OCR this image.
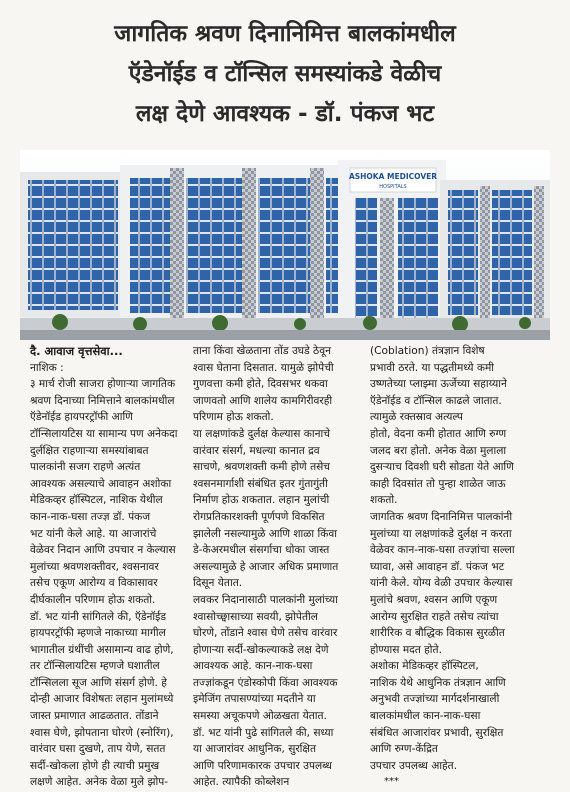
जागतिक श्रवण दिनानिमित्त बालकांमधील
ऍडेनॉईड व टॉन्सिल समस्यांकडे वेळीच
लक्ष देणे आवश्यक - डॉ. पंकज भट
ASHOKA MEDICOVER
HOSPITALS

दै. आवाज वृत्तसेवा...

नाशिक :

३ मार्च रोजी साजरा होणाऱ्या जागतिक

श्रवण दिनाच्या निमित्ताने बालकांमधील

ऍडेनॉईड हायपरट्रॉफी आणि

टॉन्सिलायटिस या सामान्य पण अनेकदा

दुर्लक्षित राहणाऱ्या समस्यांबाबत

पालकांनी सजग राहणे अत्यंत

आवश्यक असल्याचे आवाहन अशोका

मेडिकव्हर हॉस्पिटल, नाशिक येथील

कान-नाक-घसा तज्ज्ञ डॉ. पंकज

भट यांनी केले आहे. या आजारांचे

वेळेवर निदान आणि उपचार न केल्यास

मुलांच्या श्रवणशक्तीवर, श्वसनावर

तसेच एकूण आरोग्य व विकासावर

दीर्घकालीन परिणाम होऊ शकतो.

डॉ. भट यांनी सांगितले की, ऍडेनॉईड

हायपरट्रॉफी म्हणजे नाकाच्या मागील

भागातील ग्रंथींची असामान्य वाढ होणे,

तर टॉन्सिलायटिस म्हणजे घशातील

टॉन्सिलला सूज आणि संसर्ग होणे. हे

दोन्ही आजार विशेषतः लहान मुलांमध्ये

जास्त प्रमाणात आढळतात. तोंडाने

श्वास घेणे, झोपताना घोरणे (स्नोरिंग),

वारंवार घसा दुखणे, ताप येणे, सतत

सर्दी-खोकला होणे ही त्याची प्रमुख

लक्षणे आहेत. अनेक वेळा मुले झोप-

ताना किंवा खेळताना तोंड उघडे ठेवून

श्वास घेताना दिसतात. यामुळे झोपेची

गुणवत्ता कमी होते, दिवसभर थकवा

जाणवतो आणि शालेय कामगिरीवरही

परिणाम होऊ शकतो.

या लक्षणांकडे दुर्लक्ष केल्यास कानाचे

वारंवार संसर्ग, मधल्या कानात द्रव

साचणे, श्रवणशक्ती कमी होणे तसेच

श्वसनमार्गाशी संबंधित इतर गुंतागुंती

निर्माण होऊ शकतात. लहान मुलांची

रोगप्रतिकारशक्ती पूर्णपणे विकसित

झालेली नसल्यामुळे आणि शाळा किंवा

डे-केअरमधील संसर्गाचा धोका जास्त

असल्यामुळे हे आजार अधिक प्रमाणात

दिसून येतात.

लवकर निदानासाठी पालकांनी मुलांच्या

श्वासोच्छ्वासाच्या सवयी, झोपेतील

घोरणे, तोंडाने श्वास घेणे तसेच वारंवार

होणाऱ्या सर्दी-खोकल्याकडे लक्ष देणे

आवश्यक आहे. कान-नाक-घसा

तज्ज्ञांकडून एंडोस्कोपी किंवा आवश्यक

इमेजिंग तपासण्यांच्या मदतीने या

समस्या अचूकपणे ओळखता येतात.

डॉ. भट यांनी पुढे सांगितले की, सध्या

या आजारांवर आधुनिक, सुरक्षित

आणि परिणामकारक उपचार उपलब्ध

आहेत. त्यापैकी कोब्लेशन

(Coblation) तंत्रज्ञान विशेष

प्रभावी ठरते. या पद्धतीमध्ये कमी

उष्णतेच्या प्लाझ्मा ऊर्जेच्या सहाय्याने

ऍडेनॉईड व टॉन्सिल काढले जातात.

त्यामुळे रक्तस्राव अत्यल्प

होतो, वेदना कमी होतात आणि रुग्ण

जलद बरा होतो. अनेक वेळा मुलाला

दुसऱ्याच दिवशी घरी सोडता येते आणि

काही दिवसांत तो पुन्हा शाळेत जाऊ

शकतो.

जागतिक श्रवण दिनानिमित्त पालकांनी

मुलांच्या या लक्षणांकडे दुर्लक्ष न करता

वेळेवर कान-नाक-घसा तज्ज्ञांचा सल्ला

घ्यावा, असे आवाहन डॉ. पंकज भट

यांनी केले. योग्य वेळी उपचार केल्यास

मुलांचे श्रवण, श्वसन आणि एकूण

आरोग्य सुरक्षित राहते तसेच त्यांचा

शारीरिक व बौद्धिक विकास सुरळीत

होण्यास मदत होते.

अशोका मेडिकव्हर हॉस्पिटल,

नाशिक येथे आधुनिक तंत्रज्ञान आणि

अनुभवी तज्ज्ञांच्या मार्गदर्शनाखाली

बालकांमधील कान-नाक-घसा

संबंधित आजारांवर प्रभावी, सुरक्षित

आणि रुग्ण-केंद्रित

उपचार उपलब्ध आहेत.

***
